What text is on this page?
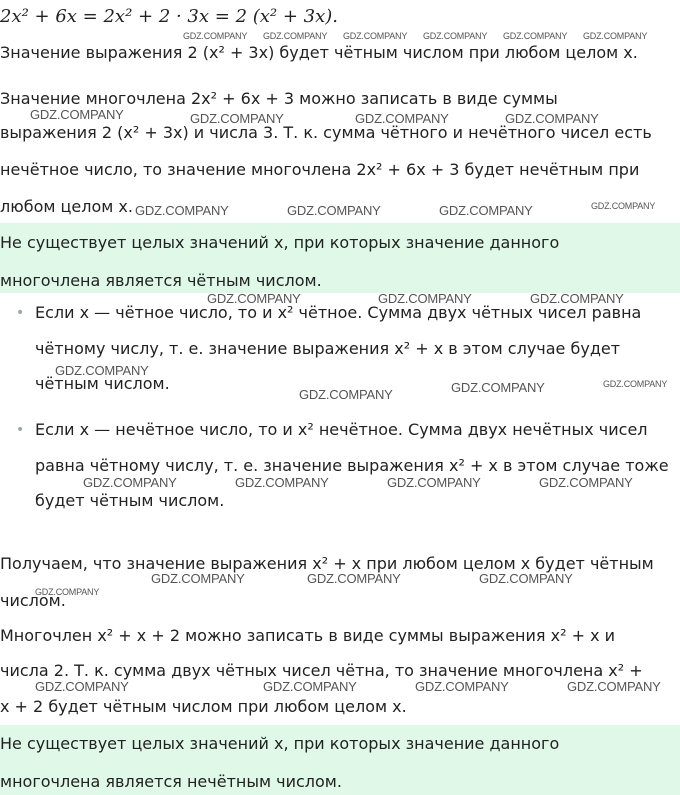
2x² + 6x = 2x² + 2 · 3x = 2 (x² + 3x).
Значение выражения 2 (x² + 3x) будет чётным числом при любом целом x.
Значение многочлена 2x² + 6x + 3 можно записать в виде суммы
выражения 2 (x² + 3x) и числа 3. Т. к. сумма чётного и нечётного чисел есть
нечётное число, то значение многочлена 2x² + 6x + 3 будет нечётным при
любом целом x.
Не существует целых значений x, при которых значение данного
многочлена является чётным числом.
• Если x — чётное число, то и x² чётное. Сумма двух чётных чисел равна
чётному числу, т. е. значение выражения x² + x в этом случае будет
чётным числом.
• Если x — нечётное число, то и x² нечётное. Сумма двух нечётных чисел
равна чётному числу, т. е. значение выражения x² + x в этом случае тоже
будет чётным числом.
Получаем, что значение выражения x² + x при любом целом x будет чётным
числом.
Многочлен x² + x + 2 можно записать в виде суммы выражения x² + x и
числа 2. Т. к. сумма двух чётных чисел чётна, то значение многочлена x² +
x + 2 будет чётным числом при любом целом x.
Не существует целых значений x, при которых значение данного
многочлена является нечётным числом.
GDZ.COMPANY GDZ.COMPANY GDZ.COMPANY GDZ.COMPANY GDZ.COMPANY GDZ.COMPANY
GDZ.COMPANY	GDZ.COMPANY	GDZ.COMPANY	GDZ.COMPANY
GDZ.COMPANY	GDZ.COMPANY	GDZ.COMPANY	GDZ.COMPANY
GDZ.COMPANY	GDZ.COMPANY	GDZ.COMPANY
GDZ.COMPANY
GDZ.COMPANY	GDZ.COMPANY	GDZ.COMPANY
GDZ.COMPANY	GDZ.COMPANY	GDZ.COMPANY	GDZ.COMPANY
GDZ.COMPANY	GDZ.COMPANY	GDZ.COMPANY
GDZ.COMPANY
GDZ.COMPANY	GDZ.COMPANY	GDZ.COMPANY	GDZ.COMPANY
